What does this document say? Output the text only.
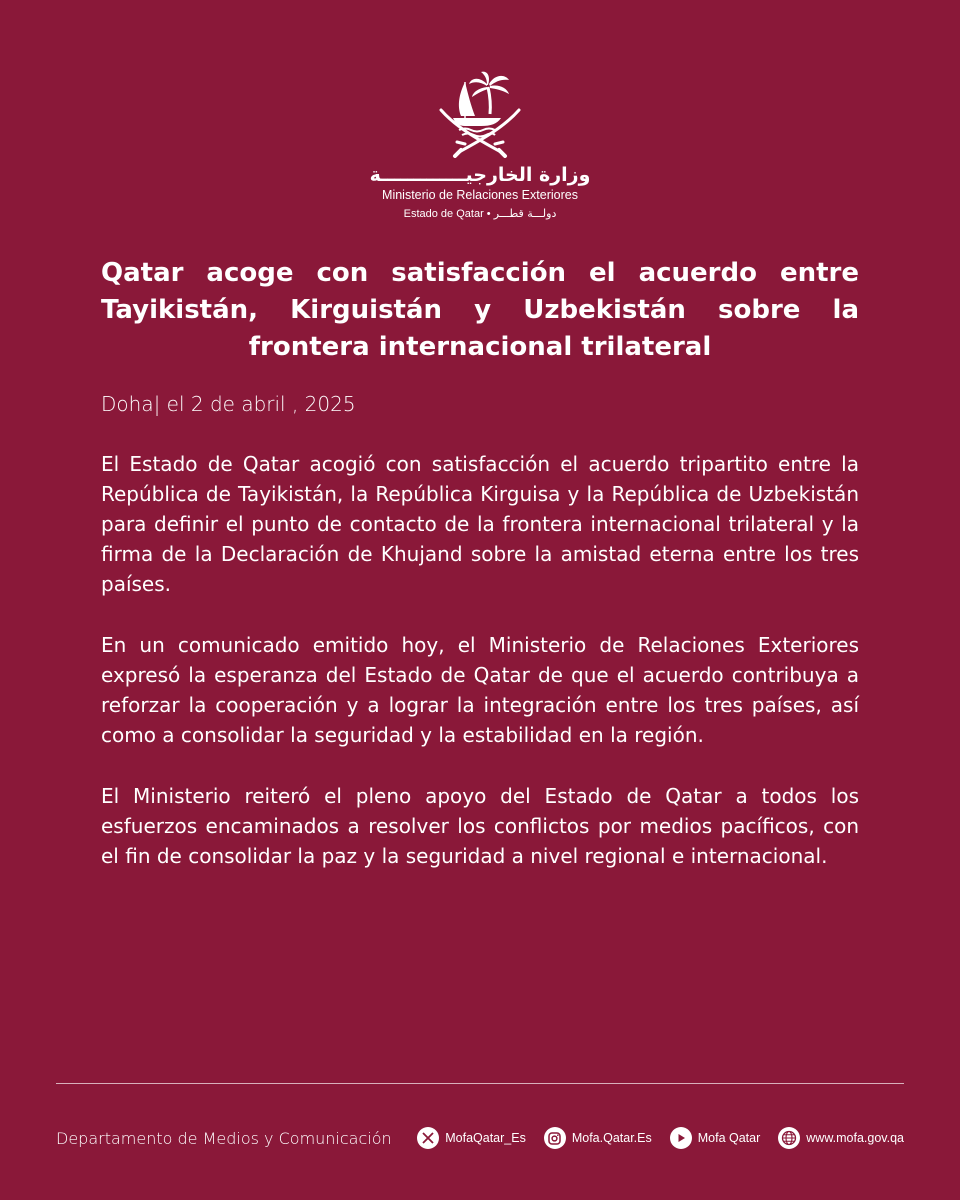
وزارة الخارجيـــــــــــــة
Ministerio de Relaciones Exteriores
Estado de Qatar • دولـــة قطـــر
Qatar acoge con satisfacción el acuerdo entre Tayikistán, Kirguistán y Uzbekistán sobre la frontera internacional trilateral

Doha| el 2 de abril , 2025

El Estado de Qatar acogió con satisfacción el acuerdo tripartito entre la República de Tayikistán, la República Kirguisa y la República de Uzbekistán para definir el punto de contacto de la frontera internacional trilateral y la firma de la Declaración de Khujand sobre la amistad eterna entre los tres países.

En un comunicado emitido hoy, el Ministerio de Relaciones Exteriores expresó la esperanza del Estado de Qatar de que el acuerdo contribuya a reforzar la cooperación y a lograr la integración entre los tres países, así como a consolidar la seguridad y la estabilidad en la región.

El Ministerio reiteró el pleno apoyo del Estado de Qatar a todos los esfuerzos encaminados a resolver los conflictos por medios pacíficos, con el fin de consolidar la paz y la seguridad a nivel regional e internacional.

Departamento de Medios y Comunicación	MofaQatar_Es	Mofa.Qatar.Es	Mofa Qatar	www.mofa.gov.qa
